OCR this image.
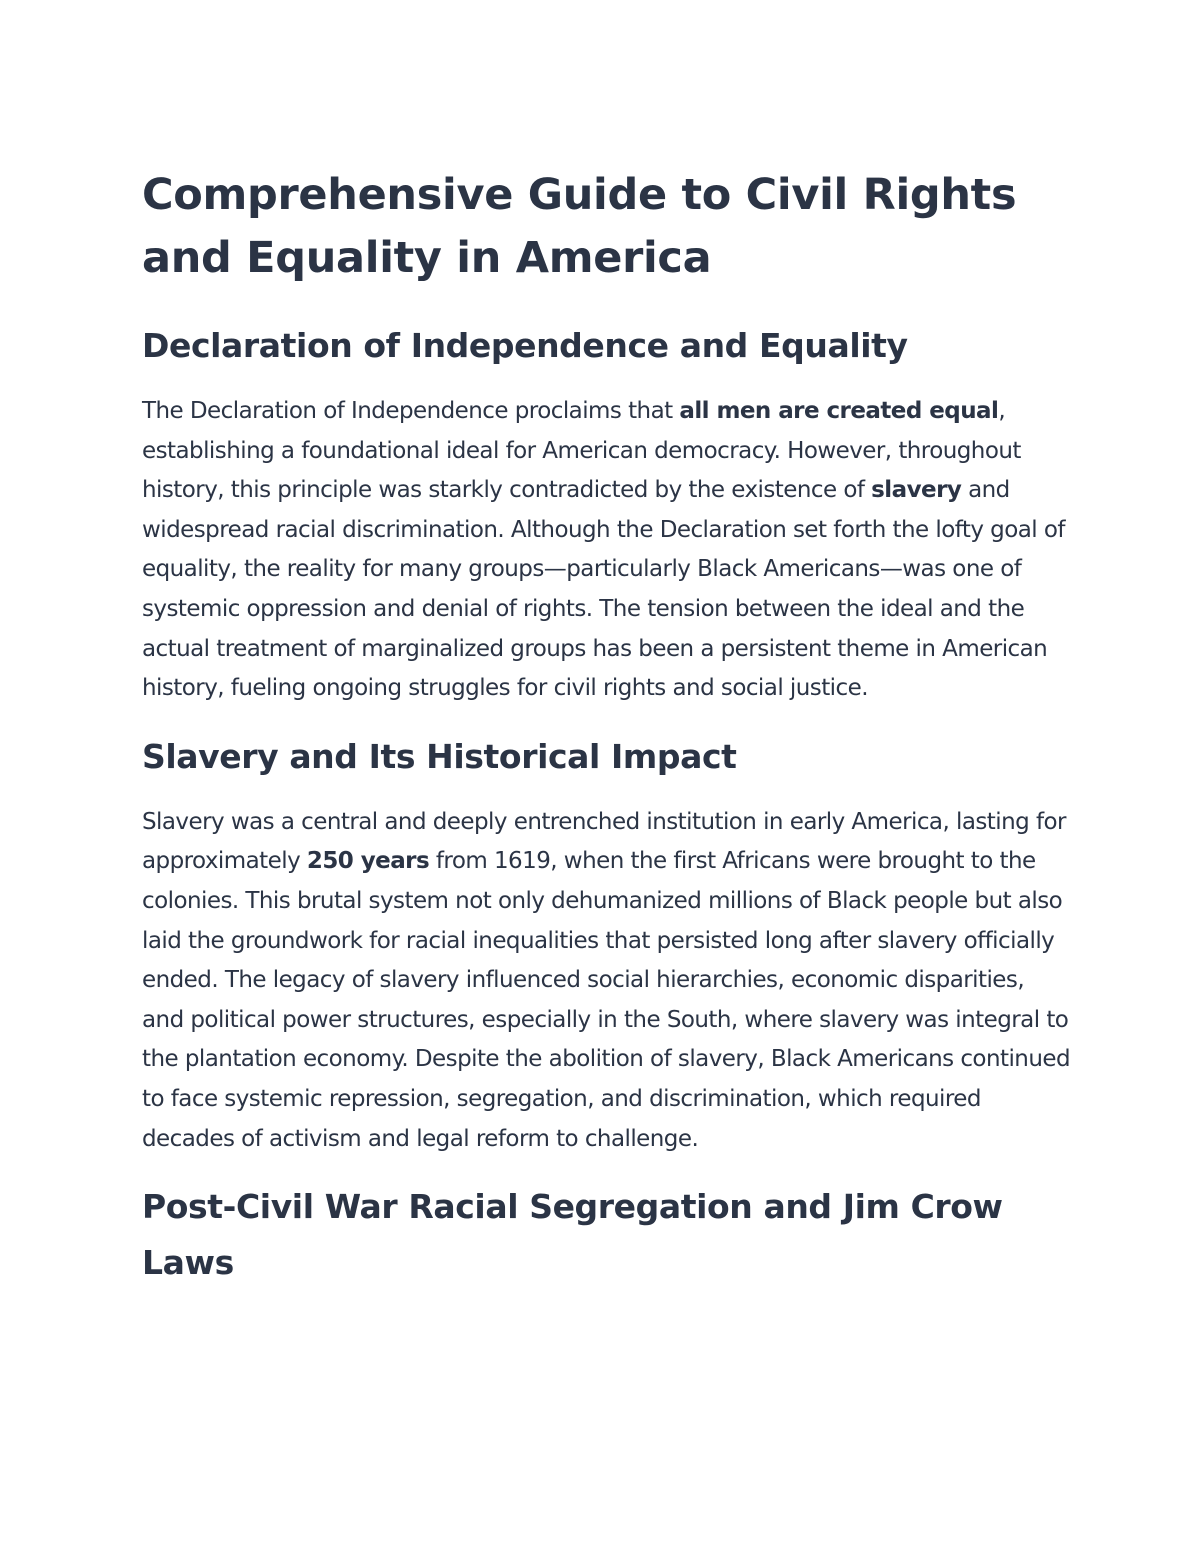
Comprehensive Guide to Civil Rights and Equality in America
Declaration of Independence and Equality

The Declaration of Independence proclaims that all men are created equal, establishing a foundational ideal for American democracy. However, throughout history, this principle was starkly contradicted by the existence of slavery and widespread racial discrimination. Although the Declaration set forth the lofty goal of equality, the reality for many groups—particularly Black Americans—was one of systemic oppression and denial of rights. The tension between the ideal and the actual treatment of marginalized groups has been a persistent theme in American history, fueling ongoing struggles for civil rights and social justice.

Slavery and Its Historical Impact

Slavery was a central and deeply entrenched institution in early America, lasting for approximately 250 years from 1619, when the first Africans were brought to the colonies. This brutal system not only dehumanized millions of Black people but also laid the groundwork for racial inequalities that persisted long after slavery officially ended. The legacy of slavery influenced social hierarchies, economic disparities, and political power structures, especially in the South, where slavery was integral to the plantation economy. Despite the abolition of slavery, Black Americans continued to face systemic repression, segregation, and discrimination, which required decades of activism and legal reform to challenge.

Post-Civil War Racial Segregation and Jim Crow Laws
